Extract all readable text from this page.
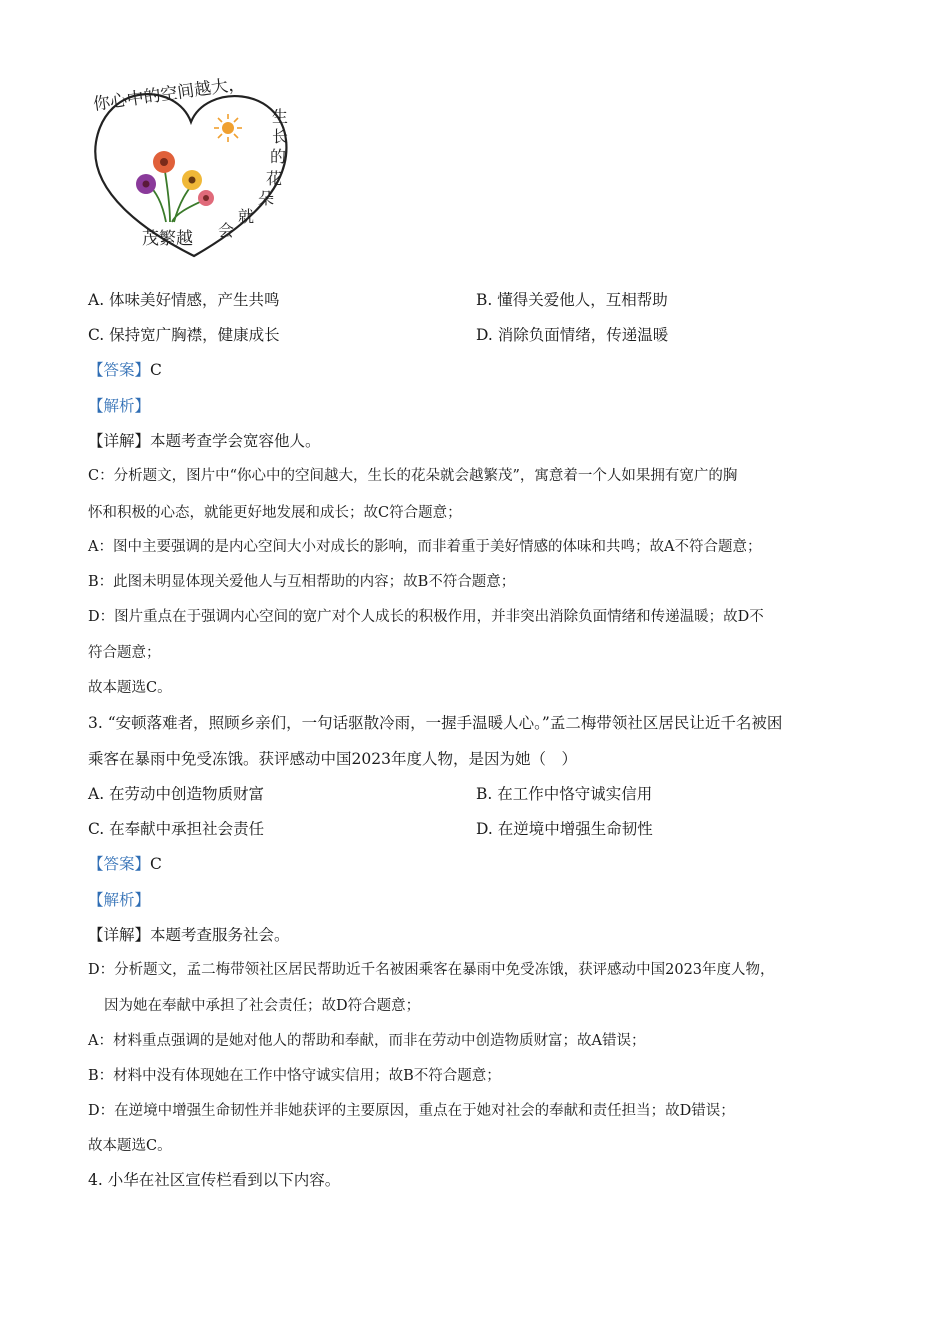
你心中的空间越大，
生
长
的
花
朵
就
会
茂繁越
A. 体味美好情感，产生共鸣	B. 懂得关爱他人，互相帮助
C. 保持宽广胸襟，健康成长	D. 消除负面情绪，传递温暖
【答案】C
【解析】
【详解】本题考查学会宽容他人。
C：分析题文，图片中“你心中的空间越大，生长的花朵就会越繁茂”，寓意着一个人如果拥有宽广的胸
怀和积极的心态，就能更好地发展和成长；故C符合题意；
A：图中主要强调的是内心空间大小对成长的影响，而非着重于美好情感的体味和共鸣；故A不符合题意；
B：此图未明显体现关爱他人与互相帮助的内容；故B不符合题意；
D：图片重点在于强调内心空间的宽广对个人成长的积极作用，并非突出消除负面情绪和传递温暖；故D不
符合题意；
故本题选C。
3. “安顿落难者，照顾乡亲们，一句话驱散冷雨，一握手温暖人心。”孟二梅带领社区居民让近千名被困
乘客在暴雨中免受冻饿。获评感动中国2023年度人物，是因为她（　）
A. 在劳动中创造物质财富	B. 在工作中恪守诚实信用
C. 在奉献中承担社会责任	D. 在逆境中增强生命韧性
【答案】C
【解析】
【详解】本题考查服务社会。
D：分析题文，孟二梅带领社区居民帮助近千名被困乘客在暴雨中免受冻饿，获评感动中国2023年度人物，
因为她在奉献中承担了社会责任；故D符合题意；
A：材料重点强调的是她对他人的帮助和奉献，而非在劳动中创造物质财富；故A错误；
B：材料中没有体现她在工作中恪守诚实信用；故B不符合题意；
D：在逆境中增强生命韧性并非她获评的主要原因，重点在于她对社会的奉献和责任担当；故D错误；
故本题选C。
4. 小华在社区宣传栏看到以下内容。
